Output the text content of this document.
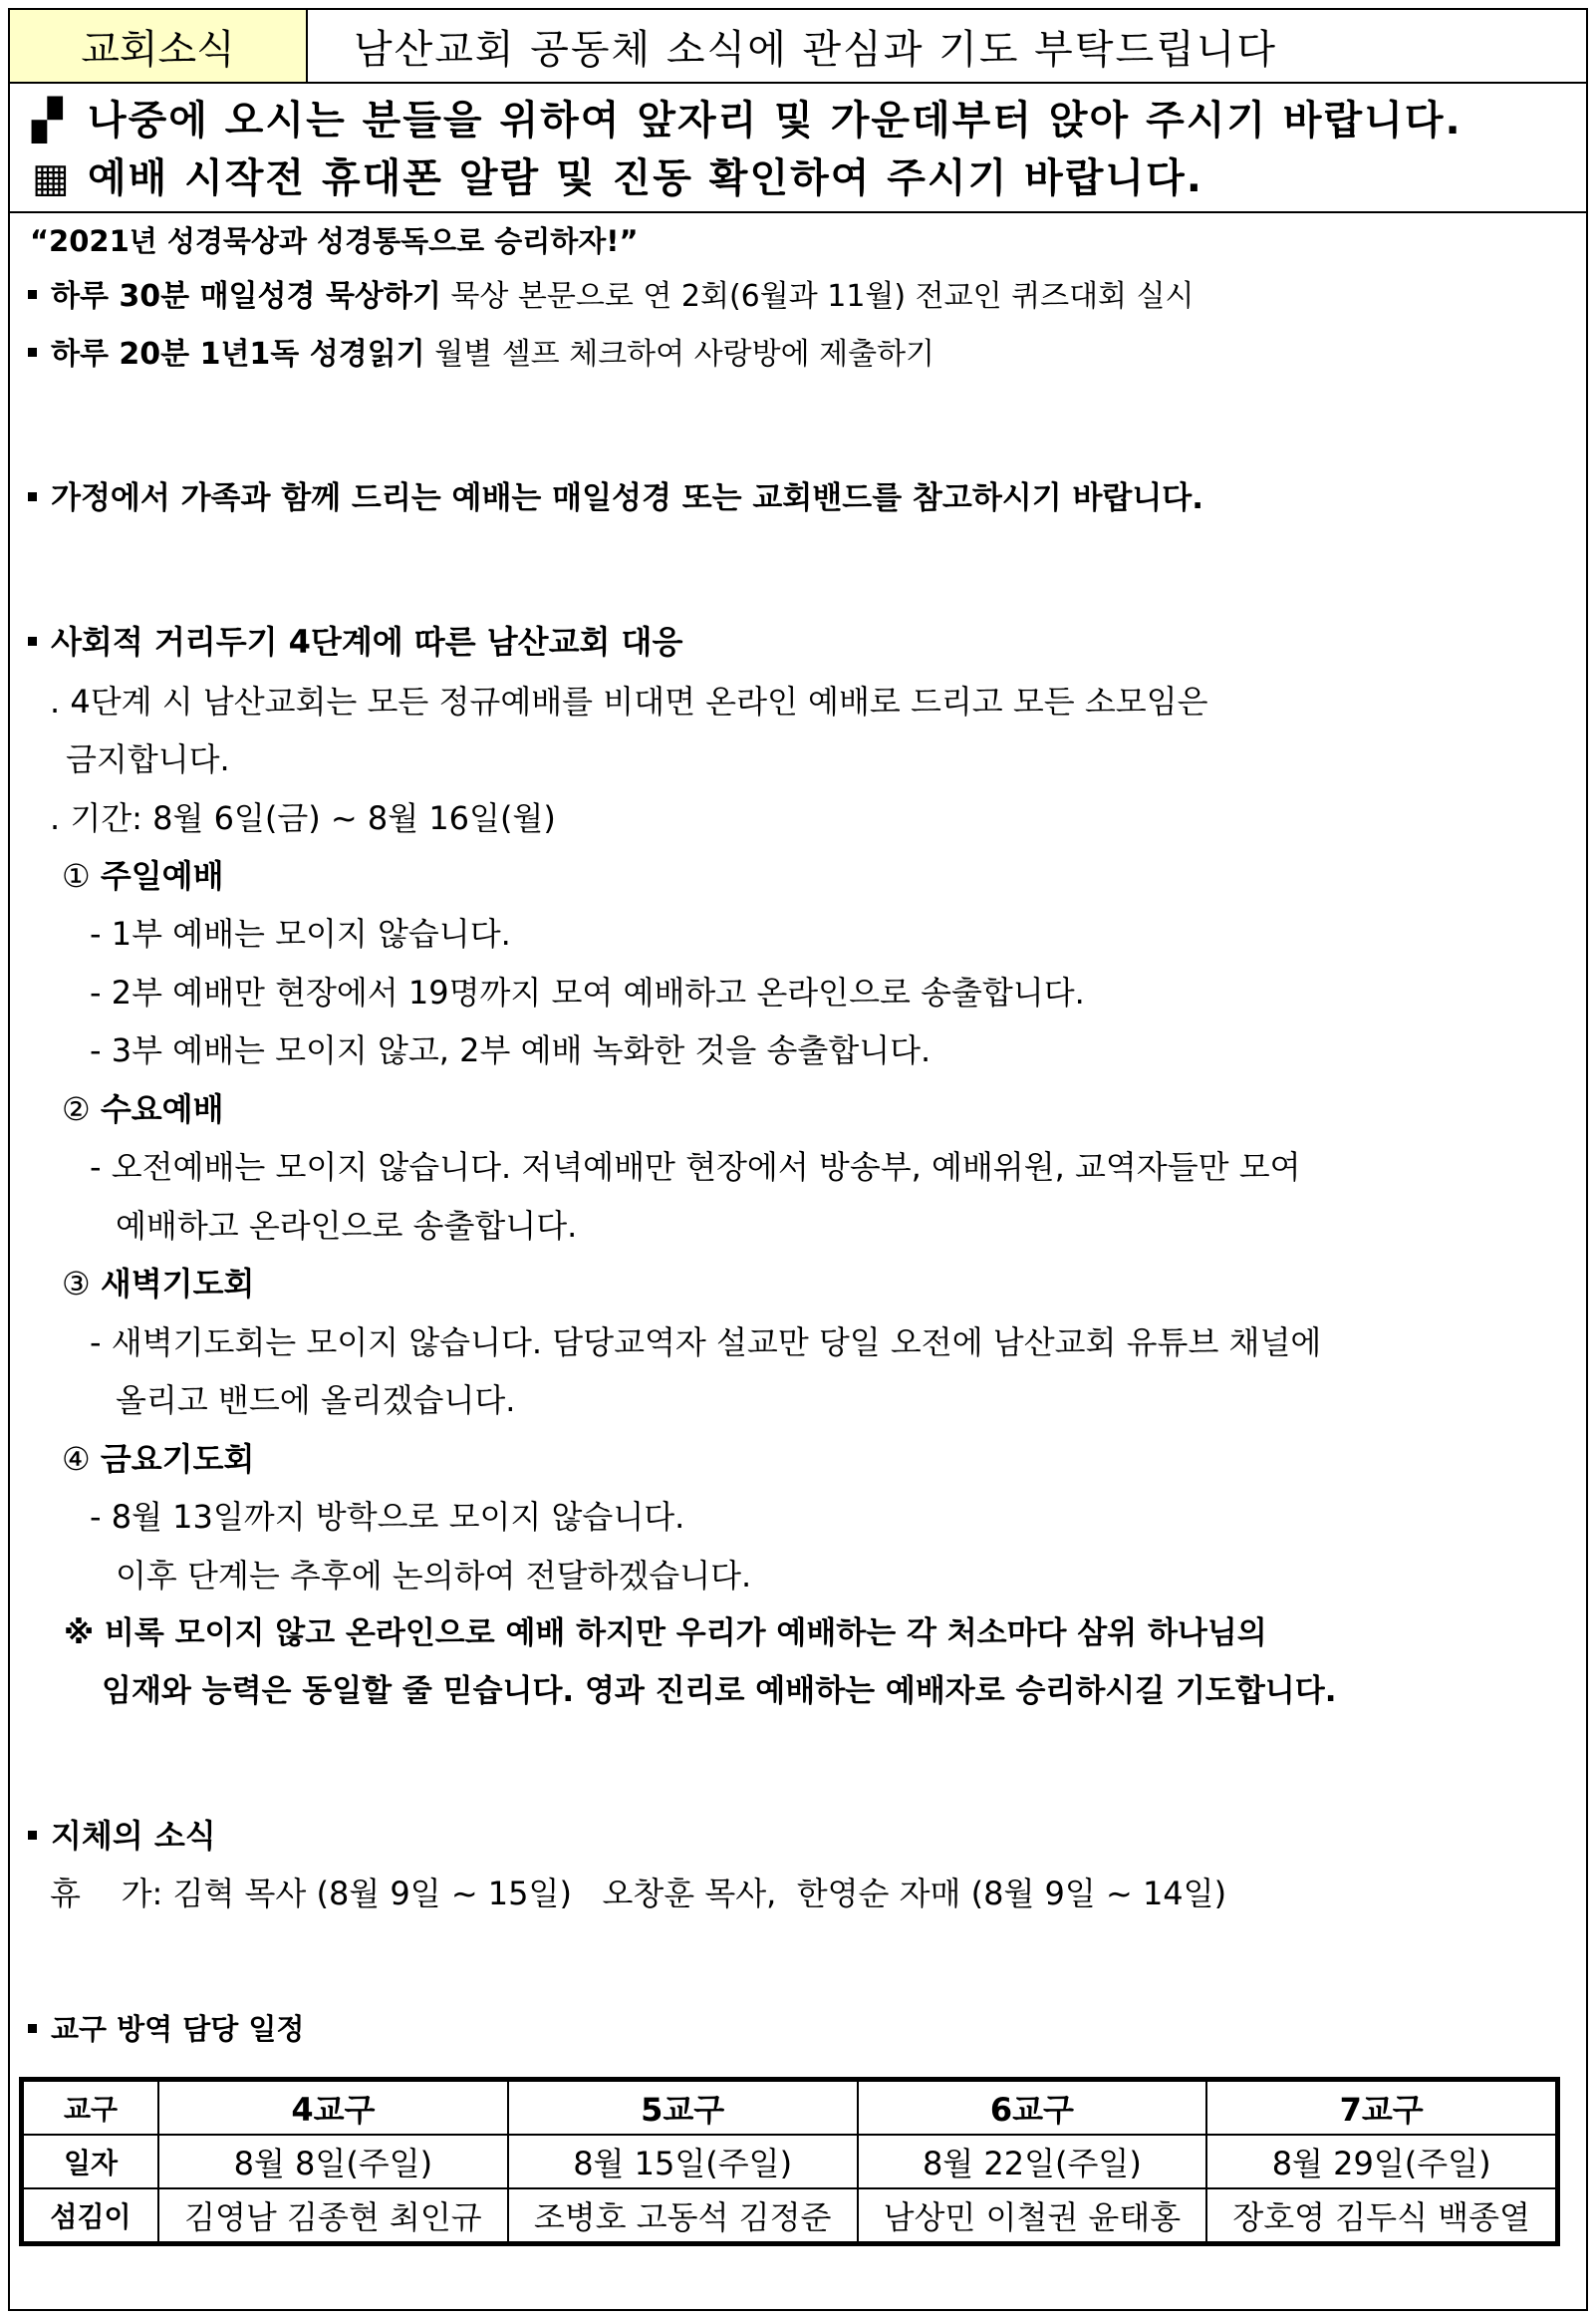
교회소식	남산교회 공동체 소식에 관심과 기도 부탁드립니다
▞ 나중에 오시는 분들을 위하여 앞자리 및 가운데부터 앉아 주시기 바랍니다.
▦ 예배 시작전 휴대폰 알람 및 진동 확인하여 주시기 바랍니다.
“2021년 성경묵상과 성경통독으로 승리하자!”
하루 30분 매일성경 묵상하기 묵상 본문으로 연 2회(6월과 11월) 전교인 퀴즈대회 실시
하루 20분 1년1독 성경읽기 월별 셀프 체크하여 사랑방에 제출하기
가정에서 가족과 함께 드리는 예배는 매일성경 또는 교회밴드를 참고하시기 바랍니다.
사회적 거리두기 4단계에 따른 남산교회 대응
. 4단계 시 남산교회는 모든 정규예배를 비대면 온라인 예배로 드리고 모든 소모임은
금지합니다.
. 기간: 8월 6일(금) ~ 8월 16일(월)
① 주일예배
- 1부 예배는 모이지 않습니다.
- 2부 예배만 현장에서 19명까지 모여 예배하고 온라인으로 송출합니다.
- 3부 예배는 모이지 않고, 2부 예배 녹화한 것을 송출합니다.
② 수요예배
- 오전예배는 모이지 않습니다. 저녁예배만 현장에서 방송부, 예배위원, 교역자들만 모여
예배하고 온라인으로 송출합니다.
③ 새벽기도회
- 새벽기도회는 모이지 않습니다. 담당교역자 설교만 당일 오전에 남산교회 유튜브 채널에
올리고 밴드에 올리겠습니다.
④ 금요기도회
- 8월 13일까지 방학으로 모이지 않습니다.
이후 단계는 추후에 논의하여 전달하겠습니다.
※ 비록 모이지 않고 온라인으로 예배 하지만 우리가 예배하는 각 처소마다 삼위 하나님의
임재와 능력은 동일할 줄 믿습니다. 영과 진리로 예배하는 예배자로 승리하시길 기도합니다.
지체의 소식
휴    가: 김혁 목사 (8월 9일 ~ 15일)   오창훈 목사,  한영순 자매 (8월 9일 ~ 14일)
교구 방역 담당 일정
교구	4교구	5교구	6교구	7교구
일자	8월 8일(주일)	8월 15일(주일)	8월 22일(주일)	8월 29일(주일)
섬김이	김영남 김종현 최인규	조병호 고동석 김정준	남상민 이철권 윤태홍	장호영 김두식 백종열
